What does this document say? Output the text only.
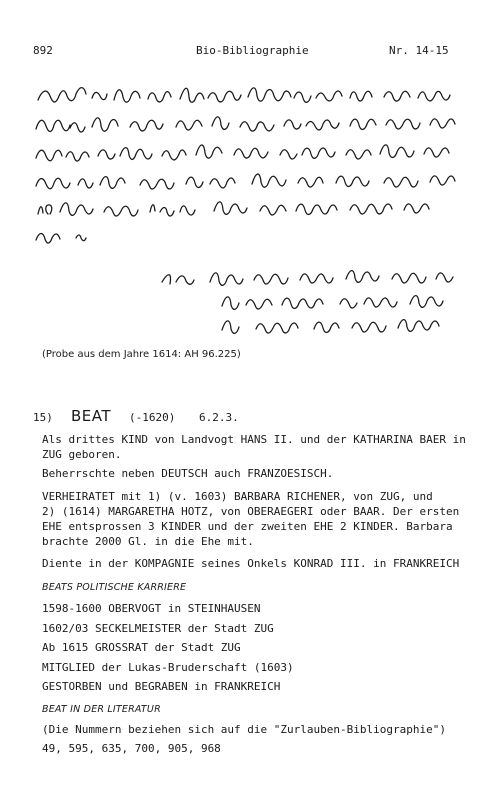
892	Bio-Bibliographie	Nr. 14-15
(Probe aus dem Jahre 1614: AH 96.225)
15)	BEAT	(-1620)	6.2.3.
Als drittes KIND von Landvogt HANS II. und der KATHARINA BAER in
ZUG geboren.
Beherrschte neben DEUTSCH auch FRANZOESISCH.
VERHEIRATET mit 1) (v. 1603) BARBARA RICHENER, von ZUG, und
2) (1614) MARGARETHA HOTZ, von OBERAEGERI oder BAAR. Der ersten
EHE entsprossen 3 KINDER und der zweiten EHE 2 KINDER. Barbara
brachte 2000 Gl. in die Ehe mit.
Diente in der KOMPAGNIE seines Onkels KONRAD III. in FRANKREICH
BEATS POLITISCHE KARRIERE
1598-1600 OBERVOGT in STEINHAUSEN
1602/03 SECKELMEISTER der Stadt ZUG
Ab 1615 GROSSRAT der Stadt ZUG
MITGLIED der Lukas-Bruderschaft (1603)
GESTORBEN und BEGRABEN in FRANKREICH
BEAT IN DER LITERATUR
(Die Nummern beziehen sich auf die "Zurlauben-Bibliographie")
49, 595, 635, 700, 905, 968
